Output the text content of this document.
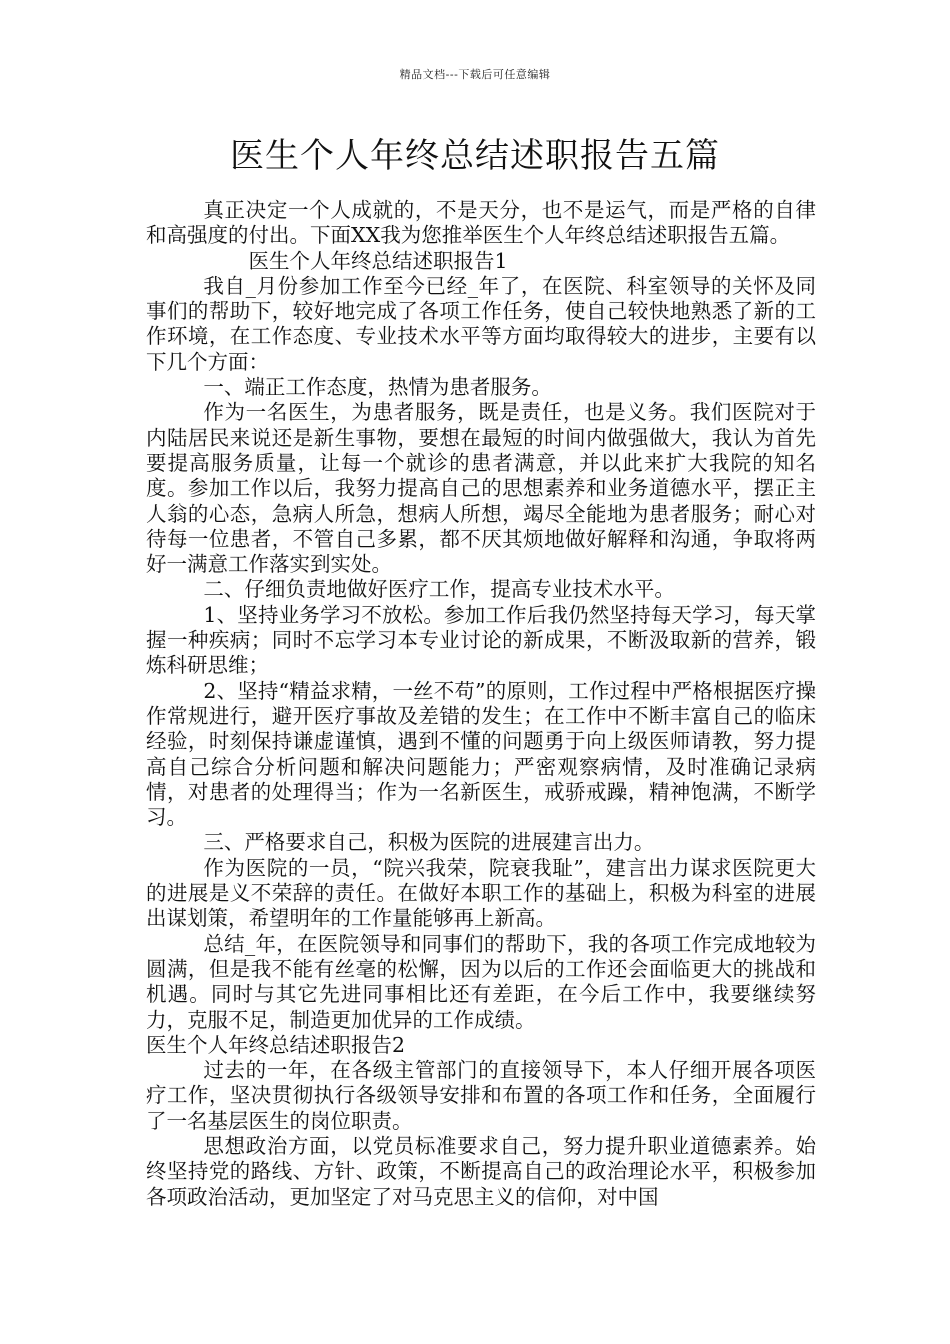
精品文档---下载后可任意编辑
医生个人年终总结述职报告五篇

真正决定一个人成就的，不是天分，也不是运气，而是严格的自律和高强度的付出。下面XX我为您推举医生个人年终总结述职报告五篇。

医生个人年终总结述职报告1

我自_月份参加工作至今已经_年了，在医院、科室领导的关怀及同事们的帮助下，较好地完成了各项工作任务，使自己较快地熟悉了新的工作环境，在工作态度、专业技术水平等方面均取得较大的进步，主要有以下几个方面：

一、端正工作态度，热情为患者服务。

作为一名医生，为患者服务，既是责任，也是义务。我们医院对于内陆居民来说还是新生事物，要想在最短的时间内做强做大，我认为首先要提高服务质量，让每一个就诊的患者满意，并以此来扩大我院的知名度。参加工作以后，我努力提高自己的思想素养和业务道德水平，摆正主人翁的心态，急病人所急，想病人所想，竭尽全能地为患者服务；耐心对待每一位患者，不管自己多累，都不厌其烦地做好解释和沟通，争取将两好一满意工作落实到实处。

二、仔细负责地做好医疗工作，提高专业技术水平。

1、坚持业务学习不放松。参加工作后我仍然坚持每天学习，每天掌握一种疾病；同时不忘学习本专业讨论的新成果，不断汲取新的营养，锻炼科研思维；

2、坚持“精益求精，一丝不苟”的原则，工作过程中严格根据医疗操作常规进行，避开医疗事故及差错的发生；在工作中不断丰富自己的临床经验，时刻保持谦虚谨慎，遇到不懂的问题勇于向上级医师请教，努力提高自己综合分析问题和解决问题能力；严密观察病情，及时准确记录病情，对患者的处理得当；作为一名新医生，戒骄戒躁，精神饱满，不断学习。

三、严格要求自己，积极为医院的进展建言出力。

作为医院的一员，“院兴我荣，院衰我耻”，建言出力谋求医院更大的进展是义不荣辞的责任。在做好本职工作的基础上，积极为科室的进展出谋划策，希望明年的工作量能够再上新高。

总结_年，在医院领导和同事们的帮助下，我的各项工作完成地较为圆满，但是我不能有丝毫的松懈，因为以后的工作还会面临更大的挑战和机遇。同时与其它先进同事相比还有差距，在今后工作中，我要继续努力，克服不足，制造更加优异的工作成绩。

医生个人年终总结述职报告2

过去的一年，在各级主管部门的直接领导下，本人仔细开展各项医疗工作，坚决贯彻执行各级领导安排和布置的各项工作和任务，全面履行了一名基层医生的岗位职责。

思想政治方面，以党员标准要求自己，努力提升职业道德素养。始终坚持党的路线、方针、政策，不断提高自己的政治理论水平，积极参加各项政治活动，更加坚定了对马克思主义的信仰，对中国
